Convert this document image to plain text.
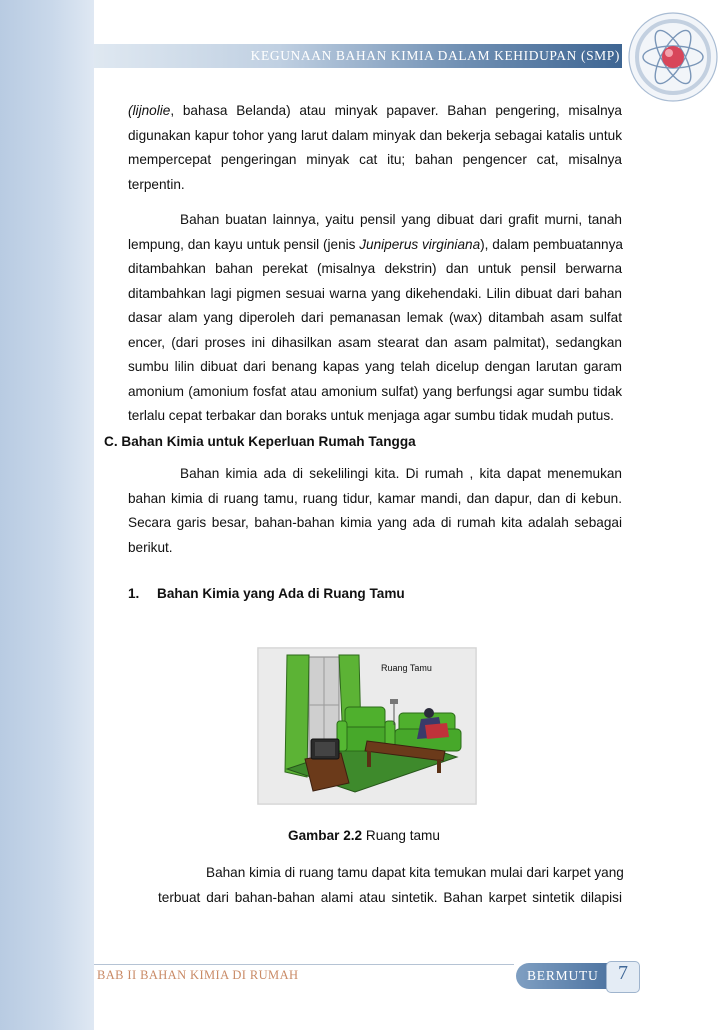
KEGUNAAN BAHAN KIMIA DALAM KEHIDUPAN (SMP)
(lijnolie, bahasa Belanda) atau minyak papaver. Bahan pengering, misalnya
digunakan kapur tohor yang larut dalam minyak dan bekerja sebagai katalis untuk
mempercepat pengeringan minyak cat itu; bahan pengencer cat, misalnya
terpentin.
Bahan buatan lainnya, yaitu pensil yang dibuat dari grafit murni, tanah
lempung, dan kayu untuk pensil (jenis Juniperus virginiana), dalam pembuatannya
ditambahkan bahan perekat (misalnya dekstrin) dan untuk pensil berwarna
ditambahkan lagi pigmen sesuai warna yang dikehendaki. Lilin dibuat dari bahan
dasar alam yang diperoleh dari pemanasan lemak (wax) ditambah asam sulfat
encer, (dari proses ini dihasilkan asam stearat dan asam palmitat), sedangkan
sumbu lilin dibuat dari benang kapas yang telah dicelup dengan larutan garam
amonium (amonium fosfat atau amonium sulfat) yang berfungsi agar sumbu tidak
terlalu cepat terbakar dan boraks untuk menjaga agar sumbu tidak mudah putus.
C. Bahan Kimia untuk Keperluan Rumah Tangga
Bahan kimia ada di sekelilingi kita. Di rumah , kita dapat menemukan
bahan kimia di ruang tamu, ruang tidur, kamar mandi, dan dapur, dan di kebun.
Secara garis besar, bahan-bahan kimia yang ada di rumah kita adalah sebagai
berikut.
1. Bahan Kimia yang Ada di Ruang Tamu
Ruang Tamu
Gambar 2.2 Ruang tamu
Bahan kimia di ruang tamu dapat kita temukan mulai dari karpet yang
terbuat dari bahan-bahan alami atau sintetik. Bahan karpet sintetik dilapisi
BAB II BAHAN KIMIA DI RUMAH	BERMUTU 7
